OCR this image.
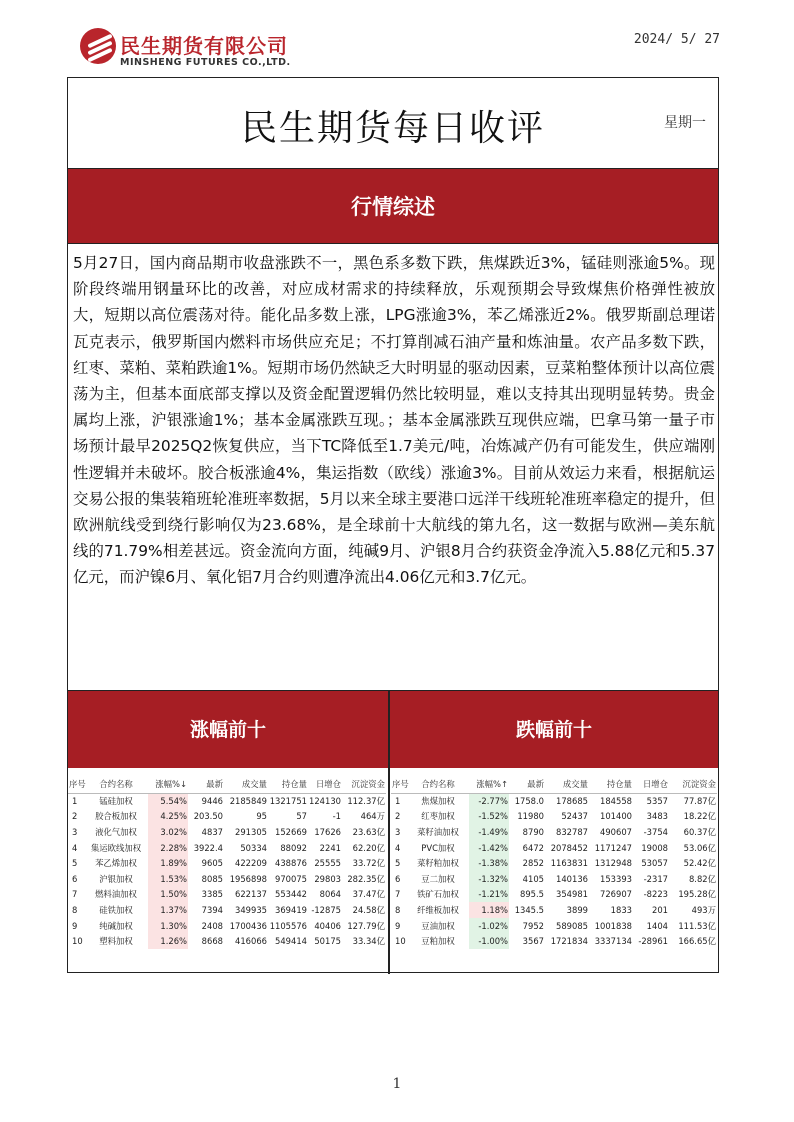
民生期货有限公司
MINSHENG FUTURES CO.,LTD.
2024/ 5/ 27
民生期货每日收评	星期一
行情综述
5月27日，国内商品期市收盘涨跌不一，黑色系多数下跌，焦煤跌近3%，锰硅则涨逾5%。现阶段终端用钢量环比的改善，对应成材需求的持续释放，乐观预期会导致煤焦价格弹性被放大，短期以高位震荡对待。能化品多数上涨，LPG涨逾3%，苯乙烯涨近2%。俄罗斯副总理诺瓦克表示，俄罗斯国内燃料市场供应充足；不打算削减石油产量和炼油量。农产品多数下跌，红枣、菜粕、菜粕跌逾1%。短期市场仍然缺乏大时明显的驱动因素，豆菜粕整体预计以高位震荡为主，但基本面底部支撑以及资金配置逻辑仍然比较明显，难以支持其出现明显转势。贵金属均上涨，沪银涨逾1%；基本金属涨跌互现。；基本金属涨跌互现供应端，巴拿马第一量子市场预计最早2025Q2恢复供应，当下TC降低至1.7美元/吨，冶炼减产仍有可能发生，供应端刚性逻辑并未破坏。胶合板涨逾4%，集运指数（欧线）涨逾3%。目前从效运力来看，根据航运交易公报的集装箱班轮准班率数据，5月以来全球主要港口远洋干线班轮准班率稳定的提升，但欧洲航线受到绕行影响仅为23.68%，是全球前十大航线的第九名，这一数据与欧洲—美东航线的71.79%相差甚远。资金流向方面，纯碱9月、沪银8月合约获资金净流入5.88亿元和5.37亿元，而沪镍6月、氧化铝7月合约则遭净流出4.06亿元和3.7亿元。
涨幅前十	跌幅前十
序号	合约名称	涨幅%↓	最新	成交量	持仓量	日增仓	沉淀资金
1	锰硅加权	5.54%	9446	2185849	1321751	124130	112.37亿
2	胶合板加权	4.25%	203.50	95	57	-1	464万
3	液化气加权	3.02%	4837	291305	152669	17626	23.63亿
4	集运欧线加权	2.28%	3922.4	50334	88092	2241	62.20亿
5	苯乙烯加权	1.89%	9605	422209	438876	25555	33.72亿
6	沪银加权	1.53%	8085	1956898	970075	29803	282.35亿
7	燃料油加权	1.50%	3385	622137	553442	8064	37.47亿
8	硅铁加权	1.37%	7394	349935	369419	-12875	24.58亿
9	纯碱加权	1.30%	2408	1700436	1105576	40406	127.79亿
10	塑料加权	1.26%	8668	416066	549414	50175	33.34亿
序号	合约名称	涨幅%↑	最新	成交量	持仓量	日增仓	沉淀资金
1	焦煤加权	-2.77%	1758.0	178685	184558	5357	77.87亿
2	红枣加权	-1.52%	11980	52437	101400	3483	18.22亿
3	菜籽油加权	-1.49%	8790	832787	490607	-3754	60.37亿
4	PVC加权	-1.42%	6472	2078452	1171247	19008	53.06亿
5	菜籽粕加权	-1.38%	2852	1163831	1312948	53057	52.42亿
6	豆二加权	-1.32%	4105	140136	153393	-2317	8.82亿
7	铁矿石加权	-1.21%	895.5	354981	726907	-8223	195.28亿
8	纤维板加权	1.18%	1345.5	3899	1833	201	493万
9	豆油加权	-1.02%	7952	589085	1001838	1404	111.53亿
10	豆粕加权	-1.00%	3567	1721834	3337134	-28961	166.65亿
1
